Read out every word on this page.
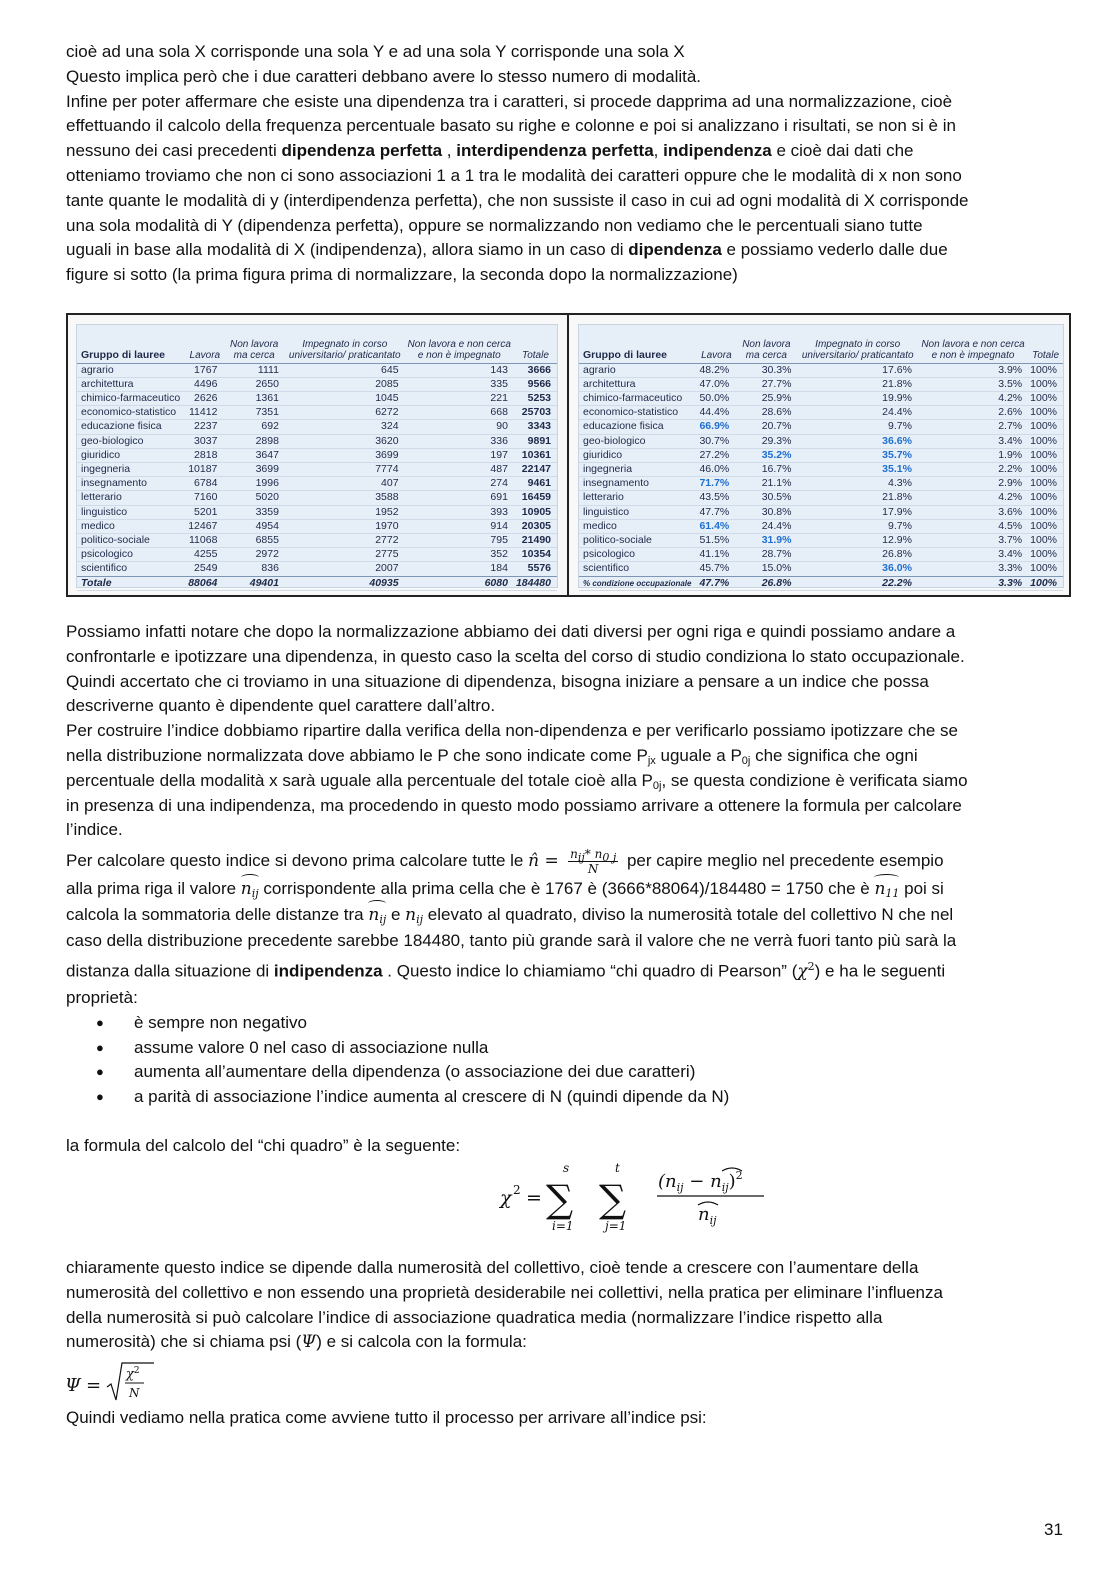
cioè ad una sola X corrisponde una sola Y e ad una sola Y corrisponde una sola X
Questo implica però che i due caratteri debbano avere lo stesso numero di modalità.
Infine per poter affermare che esiste una dipendenza tra i caratteri, si procede dapprima ad una normalizzazione, cioè
effettuando il calcolo della frequenza percentuale basato su righe e colonne e poi si analizzano i risultati, se non si è in
nessuno dei casi precedenti dipendenza perfetta , interdipendenza perfetta, indipendenza e cioè dai dati che
otteniamo troviamo che non ci sono associazioni 1 a 1 tra le modalità dei caratteri oppure che le modalità di x non sono
tante quante le modalità di y (interdipendenza perfetta), che non sussiste il caso in cui ad ogni modalità di X corrisponde
una sola modalità di Y (dipendenza perfetta), oppure se normalizzando non vediamo che le percentuali siano tutte
uguali in base alla modalità di X (indipendenza), allora siamo in un caso di dipendenza e possiamo vederlo dalle due
figure si sotto (la prima figura prima di normalizzare, la seconda dopo la normalizzazione)

Gruppo di lauree	Lavora	Non lavora ma cerca	Impegnato in corso universitario/ praticantato	Non lavora e non cerca e non è impegnato	Totale
agrario	1767	1111	645	143	3666
architettura	4496	2650	2085	335	9566
chimico-farmaceutico	2626	1361	1045	221	5253
economico-statistico	11412	7351	6272	668	25703
educazione fisica	2237	692	324	90	3343
geo-biologico	3037	2898	3620	336	9891
giuridico	2818	3647	3699	197	10361
ingegneria	10187	3699	7774	487	22147
insegnamento	6784	1996	407	274	9461
letterario	7160	5020	3588	691	16459
linguistico	5201	3359	1952	393	10905
medico	12467	4954	1970	914	20305
politico-sociale	11068	6855	2772	795	21490
psicologico	4255	2972	2775	352	10354
scientifico	2549	836	2007	184	5576
Totale	88064	49401	40935	6080	184480
Gruppo di lauree	Lavora	Non lavora ma cerca	Impegnato in corso universitario/ praticantato	Non lavora e non cerca e non è impegnato	Totale
agrario	48.2%	30.3%	17.6%	3.9%	100%
architettura	47.0%	27.7%	21.8%	3.5%	100%
chimico-farmaceutico	50.0%	25.9%	19.9%	4.2%	100%
economico-statistico	44.4%	28.6%	24.4%	2.6%	100%
educazione fisica	66.9%	20.7%	9.7%	2.7%	100%
geo-biologico	30.7%	29.3%	36.6%	3.4%	100%
giuridico	27.2%	35.2%	35.7%	1.9%	100%
ingegneria	46.0%	16.7%	35.1%	2.2%	100%
insegnamento	71.7%	21.1%	4.3%	2.9%	100%
letterario	43.5%	30.5%	21.8%	4.2%	100%
linguistico	47.7%	30.8%	17.9%	3.6%	100%
medico	61.4%	24.4%	9.7%	4.5%	100%
politico-sociale	51.5%	31.9%	12.9%	3.7%	100%
psicologico	41.1%	28.7%	26.8%	3.4%	100%
scientifico	45.7%	15.0%	36.0%	3.3%	100%
% condizione occupazionale	47.7%	26.8%	22.2%	3.3%	100%

Possiamo infatti notare che dopo la normalizzazione abbiamo dei dati diversi per ogni riga e quindi possiamo andare a
confrontarle e ipotizzare una dipendenza, in questo caso la scelta del corso di studio condiziona lo stato occupazionale.
Quindi accertato che ci troviamo in una situazione di dipendenza, bisogna iniziare a pensare a un indice che possa
descriverne quanto è dipendente quel carattere dall’altro.
Per costruire l’indice dobbiamo ripartire dalla verifica della non-dipendenza e per verificarlo possiamo ipotizzare che se
nella distribuzione normalizzata dove abbiamo le P che sono indicate come $P_{jx}$ uguale a $P_{0j}$ che significa che ogni
percentuale della modalità x sarà uguale alla percentuale del totale cioè alla $P_{0j}$, se questa condizione è verificata siamo
in presenza di una indipendenza, ma procedendo in questo modo possiamo arrivare a ottenere la formula per calcolare
l’indice.

Per calcolare questo indice si devono prima calcolare tutte le n̂ = $\frac{n_{ij}* n_{0 j}}{N}$ per capire meglio nel precedente esempio
alla prima riga il valore $n_{ij}$ corrispondente alla prima cella che è 1767 è (3666*88064)/184480 = 1750 che è $n_{11}$ poi si
calcola la sommatoria delle distanze tra $n_{ij}$ e $n_{ij}$ elevato al quadrato, diviso la numerosità totale del collettivo N che nel
caso della distribuzione precedente sarebbe 184480, tanto più grande sarà il valore che ne verrà fuori tanto più sarà la
distanza dalla situazione di indipendenza . Questo indice lo chiamiamo “chi quadro di Pearson” $(\chi^2)$ e ha le seguenti
proprietà:

● è sempre non negativo
● assume valore 0 nel caso di associazione nulla
● aumenta all’aumentare della dipendenza (o associazione dei due caratteri)
● a parità di associazione l’indice aumenta al crescere di N (quindi dipende da N)

la formula del calcolo del “chi quadro” è la seguente:

χ 2 =
s
∑
i=1
t
∑
j=1
$(n_{ij} - n_{ij})^2$
$n_{ij}$

chiaramente questo indice se dipende dalla numerosità del collettivo, cioè tende a crescere con l’aumentare della
numerosità del collettivo e non essendo una proprietà desiderabile nei collettivi, nella pratica per eliminare l’influenza
della numerosità si può calcolare l’indice di associazione quadratica media (normalizzare l’indice rispetto alla
numerosità) che si chiama psi (Ψ) e si calcola con la formula:

Ψ =
$\chi^2$
N

Quindi vediamo nella pratica come avviene tutto il processo per arrivare all’indice psi:

31
